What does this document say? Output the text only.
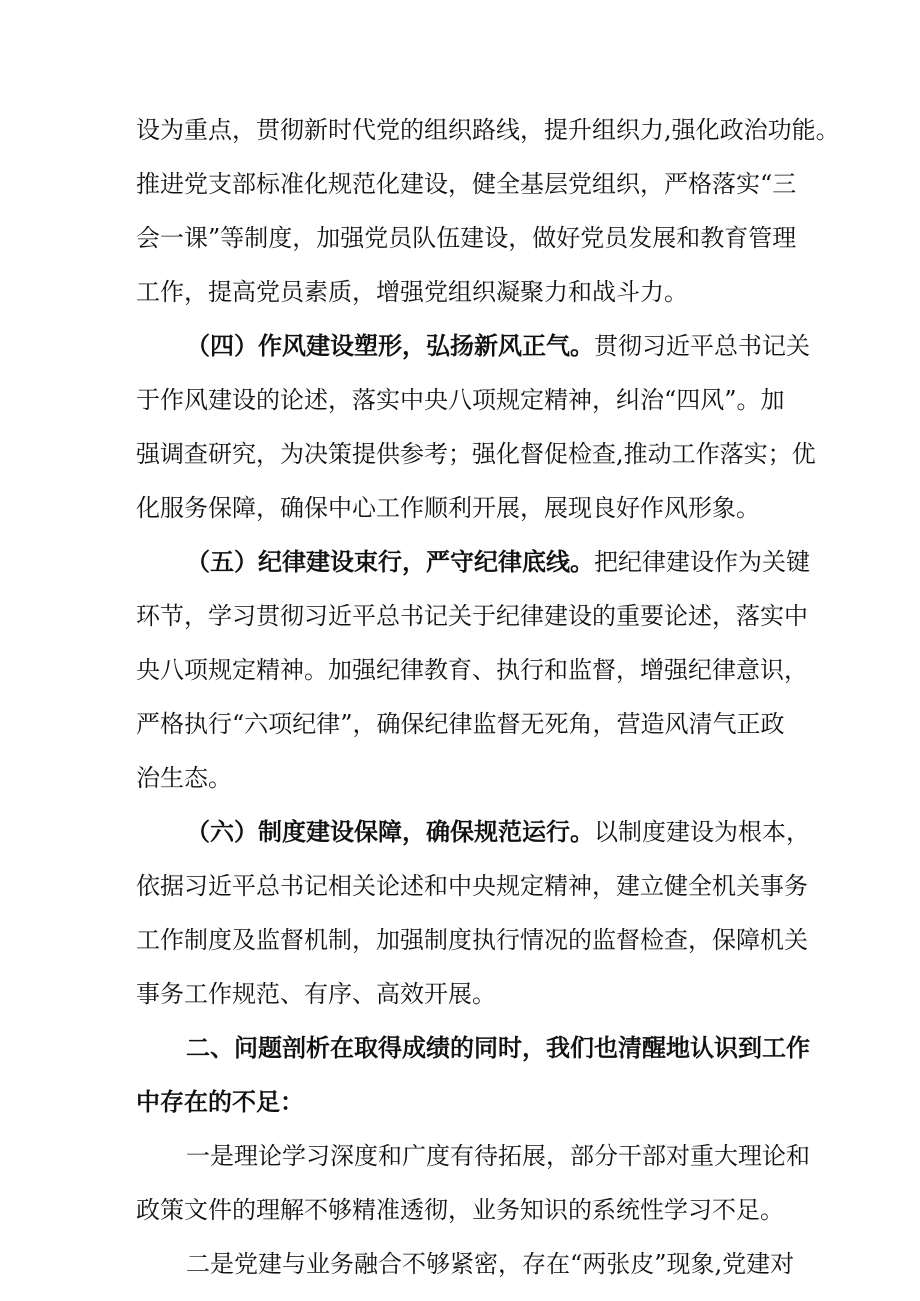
设为重点，贯彻新时代党的组织路线，提升组织力,强化政治功能。
推进党支部标准化规范化建设，健全基层党组织，严格落实“三
会一课”等制度，加强党员队伍建设，做好党员发展和教育管理
工作，提高党员素质，增强党组织凝聚力和战斗力。
（四）作风建设塑形，弘扬新风正气。贯彻习近平总书记关
于作风建设的论述，落实中央八项规定精神，纠治“四风”。加
强调查研究，为决策提供参考；强化督促检查,推动工作落实；优
化服务保障，确保中心工作顺利开展，展现良好作风形象。
（五）纪律建设束行，严守纪律底线。把纪律建设作为关键
环节，学习贯彻习近平总书记关于纪律建设的重要论述，落实中
央八项规定精神。加强纪律教育、执行和监督，增强纪律意识，
严格执行“六项纪律”，确保纪律监督无死角，营造风清气正政
治生态。
（六）制度建设保障，确保规范运行。以制度建设为根本，
依据习近平总书记相关论述和中央规定精神，建立健全机关事务
工作制度及监督机制，加强制度执行情况的监督检查，保障机关
事务工作规范、有序、高效开展。
二、问题剖析在取得成绩的同时，我们也清醒地认识到工作
中存在的不足：
一是理论学习深度和广度有待拓展，部分干部对重大理论和
政策文件的理解不够精准透彻，业务知识的系统性学习不足。
二是党建与业务融合不够紧密，存在“两张皮”现象,党建对
